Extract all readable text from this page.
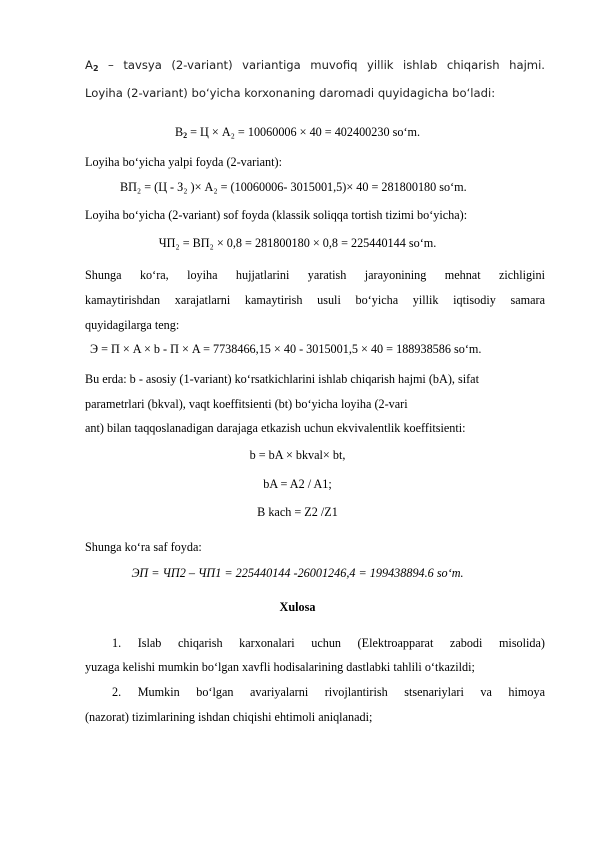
$A_2$ – tavsya (2-variant) variantiga muvofiq yillik ishlab chiqarish hajmi.
Loyiha (2-variant) bo‘yicha korxonaning daromadi quyidagicha bo‘ladi:
$B_2 = Ц \times A_2 = 10060006 \times 40 = 402400230$ so‘m.
Loyiha bo‘yicha yalpi foyda (2-variant):
ВП₂ = (Ц - З₂ )× A₂ = (10060006- 3015001,5)× 40 = 281800180 so‘m.
Loyiha bo‘yicha (2-variant) sof foyda (klassik soliqqa tortish tizimi bo‘yicha):
ЧП₂ = ВП₂ × 0,8 = 281800180 × 0,8 = 225440144 so‘m.
Shunga ko‘ra, loyiha hujjatlarini yaratish jarayonining mehnat zichligini
kamaytirishdan xarajatlarni kamaytirish usuli bo‘yicha yillik iqtisodiy samara
quyidagilarga teng:
Э = П × A × b - П × A = 7738466,15 × 40 - 3015001,5 × 40 = 188938586 so‘m.
Bu erda: b - asosiy (1-variant) ko‘rsatkichlarini ishlab chiqarish hajmi (bA), sifat
parametrlari (bkval), vaqt koeffitsienti (bt) bo‘yicha loyiha (2-vari
ant) bilan taqqoslanadigan darajaga etkazish uchun ekvivalentlik koeffitsienti:
b = bA × bkval× bt,
bA = A2 / A1;
B kach = Z2 /Z1
Shunga ko‘ra saf foyda:
ЭП = ЧП2 – ЧП1 = 225440144 -26001246,4 = 199438894.6 so‘m.
Xulosa
1. Islab chiqarish karxonalari uchun (Elektroapparat zabodi misolida)
yuzaga kelishi mumkin bo‘lgan xavfli hodisalarining dastlabki tahlili o‘tkazildi;
2. Mumkin bo‘lgan avariyalarni rivojlantirish stsenariylari va himoya
(nazorat) tizimlarining ishdan chiqishi ehtimoli aniqlanadi;
